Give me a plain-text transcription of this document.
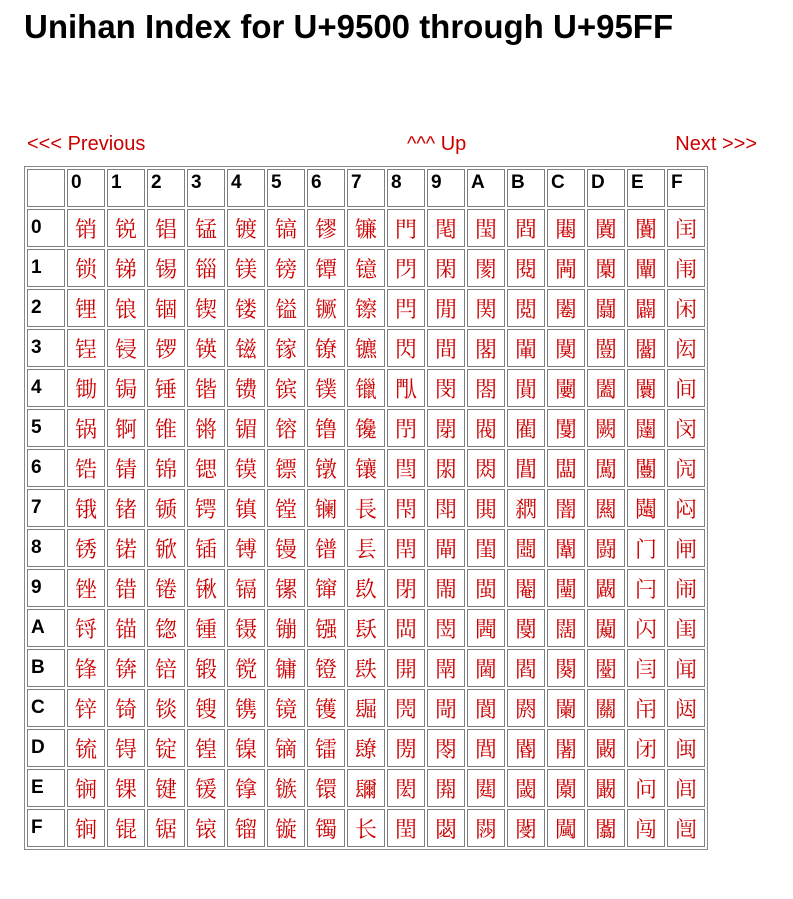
Unihan Index for U+9500 through U+95FF
<<< Previous	^^^ Up	Next >>>
	0	1	2	3	4	5	6	7	8	9	A	B	C	D	E	F
0	销	锐	锠	锰	镀	镐	镠	镰	門	閐	閠	閰	闀	闐	闠	闰
1	锁	锑	锡	锱	镁	镑	镡	镱	閁	閑	閡	閱	闁	闑	闡	闱
2	锂	锒	锢	锲	镂	镒	镢	镲	閂	閒	関	閲	闂	闒	闢	闲
3	锃	锓	锣	锳	镃	镓	镣	镳	閃	間	閣	閳	闃	闓	闣	闳
4	锄	锔	锤	锴	镄	镔	镤	镴	閄	閔	閤	閴	闄	闔	闤	间
5	锅	锕	锥	锵	镅	镕	镥	镵	閅	閕	閥	閵	闅	闕	闥	闵
6	锆	锖	锦	锶	镆	镖	镦	镶	閆	閖	閦	閶	闆	闖	闦	闶
7	锇	锗	锧	锷	镇	镗	镧	長	閇	閗	閧	閷	闇	闗	闧	闷
8	锈	锘	锨	锸	镈	镘	镨	镸	閈	閘	閨	閸	闈	闘	门	闸
9	锉	错	锩	锹	镉	镙	镩	镹	閉	閙	閩	閹	闉	闙	闩	闹
A	锊	锚	锪	锺	镊	镚	镪	镺	閊	閚	閪	閺	闊	闚	闪	闺
B	锋	锛	锫	锻	镋	镛	镫	镻	開	閛	閫	閻	闋	闛	闫	闻
C	锌	锜	锬	锼	镌	镜	镬	镼	閌	閜	閬	閼	闌	關	闬	闼
D	锍	锝	锭	锽	镍	镝	镭	镽	閍	閝	閭	閽	闍	闝	闭	闽
E	锎	锞	键	锾	镎	镞	镮	镾	閎	閞	閮	閾	闎	闞	问	闾
F	锏	锟	锯	锿	镏	镟	镯	长	閏	閟	閯	閿	闏	闟	闯	闿
